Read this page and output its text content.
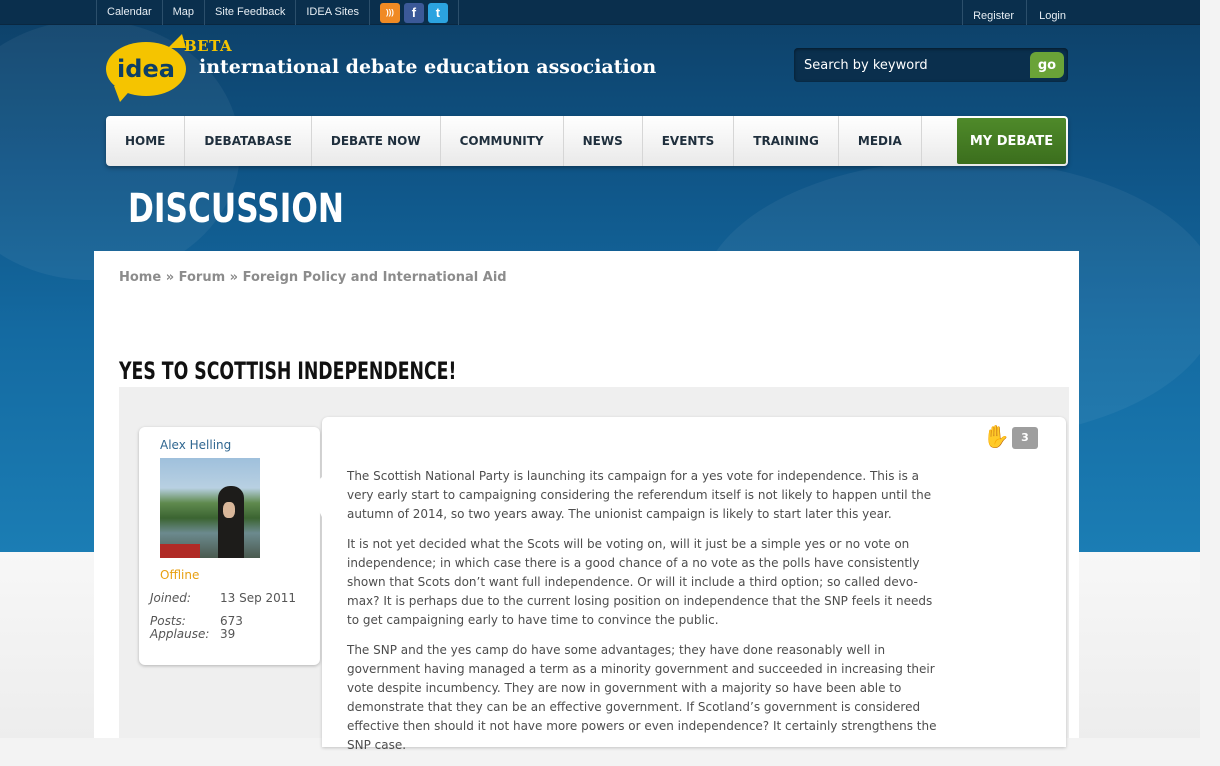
Calendar	Map	Site Feedback	IDEA Sites	)))	f	t	Register	Login
idea
BETA
international debate education association
Search by keyword	go
HOME	DEBATABASE	DEBATE NOW	COMMUNITY	NEWS	EVENTS	TRAINING	MEDIA	MY DEBATE
DISCUSSION
Home » Forum » Foreign Policy and International Aid
YES TO SCOTTISH INDEPENDENCE!
Alex Helling
Offline
Joined: 13 Sep 2011
Posts:	673
Applause: 39
✋	3

The Scottish National Party is launching its campaign for a yes vote for independence. This is a very early start to campaigning considering the referendum itself is not likely to happen until the autumn of 2014, so two years away. The unionist campaign is likely to start later this year.

It is not yet decided what the Scots will be voting on, will it just be a simple yes or no vote on independence; in which case there is a good chance of a no vote as the polls have consistently shown that Scots don’t want full independence. Or will it include a third option; so called devo-max? It is perhaps due to the current losing position on independence that the SNP feels it needs to get campaigning early to have time to convince the public.

The SNP and the yes camp do have some advantages; they have done reasonably well in government having managed a term as a minority government and succeeded in increasing their vote despite incumbency. They are now in government with a majority so have been able to demonstrate that they can be an effective government. If Scotland’s government is considered effective then should it not have more powers or even independence? It certainly strengthens the SNP case.
